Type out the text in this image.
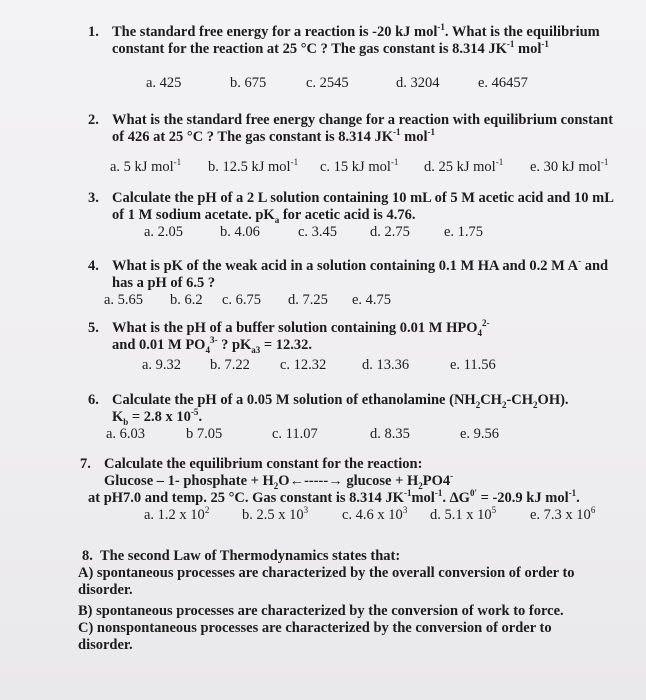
1. The standard free energy for a reaction is -20 kJ mol$^{-1}$. What is the equilibrium
constant for the reaction at 25 °C ? The gas constant is 8.314 $JK^{-1}$ mol$^{-1}$
a. 425	b. 675	c. 2545	d. 3204	e. 46457
2. What is the standard free energy change for a reaction with equilibrium constant
of 426 at 25 °C ? The gas constant is 8.314 $JK^{-1}$ mol$^{-1}$
a. 5 kJ mol$^{-1}$ b. 12.5 kJ mol$^{-1}$ c. 15 kJ mol$^{-1}$ d. 25 kJ mol$^{-1}$ e. 30 kJ mol$^{-1}$
3. Calculate the pH of a 2 L solution containing 10 mL of 5 M acetic acid and 10 mL
of 1 M sodium acetate. $pK_a$ for acetic acid is 4.76.
a. 2.05	b. 4.06	c. 3.45 d. 2.75 e. 1.75
4. What is pK of the weak acid in a solution containing 0.1 M HA and 0.2 M A- and
has a pH of 6.5 ?
a. 5.65 b. 6.2 c. 6.75 d. 7.25 e. 4.75
5. What is the pH of a buffer solution containing 0.01 M $HPO_4^{2-}$
and 0.01 M $PO_4^{3-}$ ? $pK_{a3} = 12.32$.
a. 9.32 b. 7.22 c. 12.32 d. 13.36	e. 11.56
6. Calculate the pH of a 0.05 M solution of ethanolamine $(NH_2CH_2-CH_2OH)$.
$K_b = 2.8$ x $10^{-5}$.
a. 6.03	b 7.05	c. 11.07	d. 8.35	e. 9.56
7. Calculate the equilibrium constant for the reaction:
Glucose – 1- phosphate + $H_2O\leftarrow-----\to glucose + H_2PO4^-$
at pH7.0 and temp. 25 °C. Gas constant is 8.314 $JK^{-1}mol^{-1}$. $\Delta G^{0'} = -20.9$ kJ mol$^{-1}$.
a. 1.2 x $10^2$ b. 2.5 x $10^3$ c. 4.6 x $10^3$ d. 5.1 x $10^5$ e. 7.3 x $10^6$
8. The second Law of Thermodynamics states that:
A) spontaneous processes are characterized by the overall conversion of order to
disorder.
B) spontaneous processes are characterized by the conversion of work to force.
C) nonspontaneous processes are characterized by the conversion of order to
disorder.
